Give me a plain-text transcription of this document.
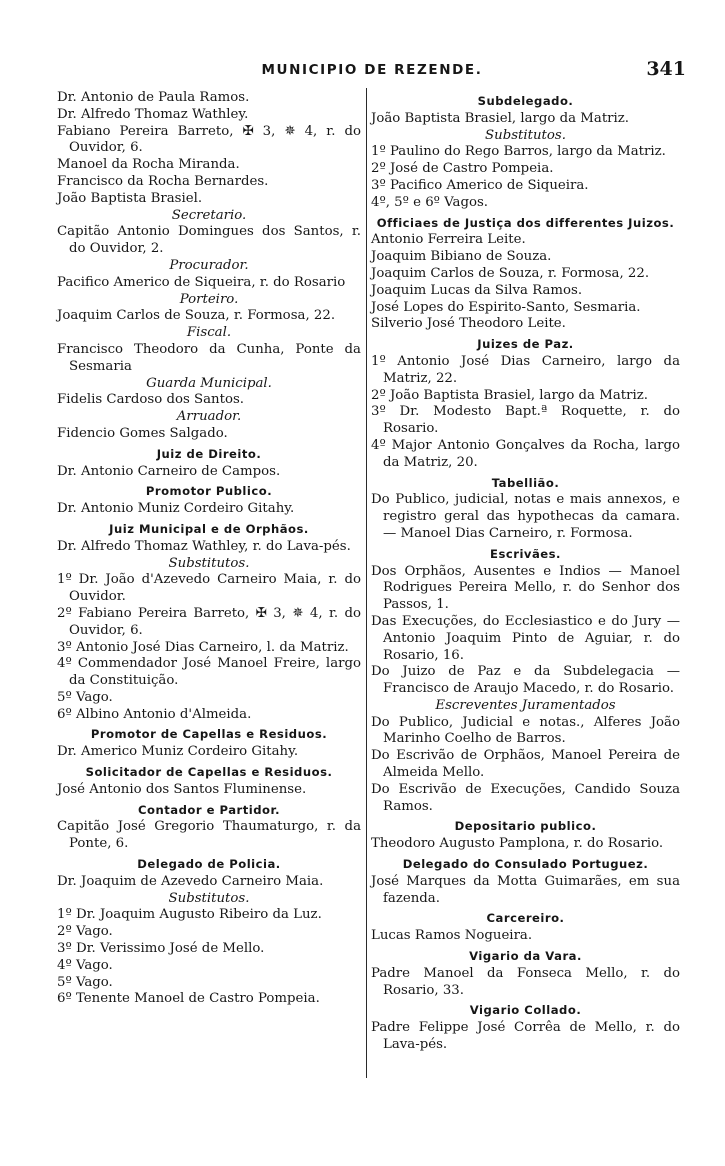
MUNICIPIO DE REZENDE.	341

Dr. Antonio de Paula Ramos.

Dr. Alfredo Thomaz Wathley.

Fabiano Pereira Barreto, ✠ 3, ✵ 4, r. do Ouvidor, 6.

Manoel da Rocha Miranda.

Francisco da Rocha Bernardes.

João Baptista Brasiel.

Secretario.

Capitão Antonio Domingues dos Santos, r. do Ouvidor, 2.

Procurador.

Pacifico Americo de Siqueira, r. do Rosario

Porteiro.

Joaquim Carlos de Souza, r. Formosa, 22.

Fiscal.

Francisco Theodoro da Cunha, Ponte da Sesmaria

Guarda Municipal.

Fidelis Cardoso dos Santos.

Arruador.

Fidencio Gomes Salgado.

Juiz de Direito.

Dr. Antonio Carneiro de Campos.

Promotor Publico.

Dr. Antonio Muniz Cordeiro Gitahy.

Juiz Municipal e de Orphãos.

Dr. Alfredo Thomaz Wathley, r. do Lava-pés.

Substitutos.

1º Dr. João d'Azevedo Carneiro Maia, r. do Ouvidor.

2º Fabiano Pereira Barreto, ✠ 3, ✵ 4, r. do Ouvidor, 6.

3º Antonio José Dias Carneiro, l. da Matriz.

4º Commendador José Manoel Freire, largo da Constituição.

5º Vago.

6º Albino Antonio d'Almeida.

Promotor de Capellas e Residuos.

Dr. Americo Muniz Cordeiro Gitahy.

Solicitador de Capellas e Residuos.

José Antonio dos Santos Fluminense.

Contador e Partidor.

Capitão José Gregorio Thaumaturgo, r. da Ponte, 6.

Delegado de Policia.

Dr. Joaquim de Azevedo Carneiro Maia.

Substitutos.

1º Dr. Joaquim Augusto Ribeiro da Luz.

2º Vago.

3º Dr. Verissimo José de Mello.

4º Vago.

5º Vago.

6º Tenente Manoel de Castro Pompeia.

Subdelegado.

João Baptista Brasiel, largo da Matriz.

Substitutos.

1º Paulino do Rego Barros, largo da Matriz.

2º José de Castro Pompeia.

3º Pacifico Americo de Siqueira.

4º, 5º e 6º Vagos.

Officiaes de Justiça dos differentes Juizos.

Antonio Ferreira Leite.

Joaquim Bibiano de Souza.

Joaquim Carlos de Souza, r. Formosa, 22.

Joaquim Lucas da Silva Ramos.

José Lopes do Espirito-Santo, Sesmaria.

Silverio José Theodoro Leite.

Juizes de Paz.

1º Antonio José Dias Carneiro, largo da Matriz, 22.

2º João Baptista Brasiel, largo da Matriz.

3º Dr. Modesto Bapt.ª Roquette, r. do Rosario.

4º Major Antonio Gonçalves da Rocha, largo da Matriz, 20.

Tabellião.

Do Publico, judicial, notas e mais annexos, e registro geral das hypothecas da camara. — Manoel Dias Carneiro, r. Formosa.

Escrivães.

Dos Orphãos, Ausentes e Indios — Manoel Rodrigues Pereira Mello, r. do Senhor dos Passos, 1.

Das Execuções, do Ecclesiastico e do Jury — Antonio Joaquim Pinto de Aguiar, r. do Rosario, 16.

Do Juizo de Paz e da Subdelegacia — Francisco de Araujo Macedo, r. do Rosario.

Escreventes Juramentados

Do Publico, Judicial e notas., Alferes João Marinho Coelho de Barros.

Do Escrivão de Orphãos, Manoel Pereira de Almeida Mello.

Do Escrivão de Execuções, Candido Souza Ramos.

Depositario publico.

Theodoro Augusto Pamplona, r. do Rosario.

Delegado do Consulado Portuguez.

José Marques da Motta Guimarães, em sua fazenda.

Carcereiro.

Lucas Ramos Nogueira.

Vigario da Vara.

Padre Manoel da Fonseca Mello, r. do Rosario, 33.

Vigario Collado.

Padre Felippe José Corrêa de Mello, r. do Lava-pés.
